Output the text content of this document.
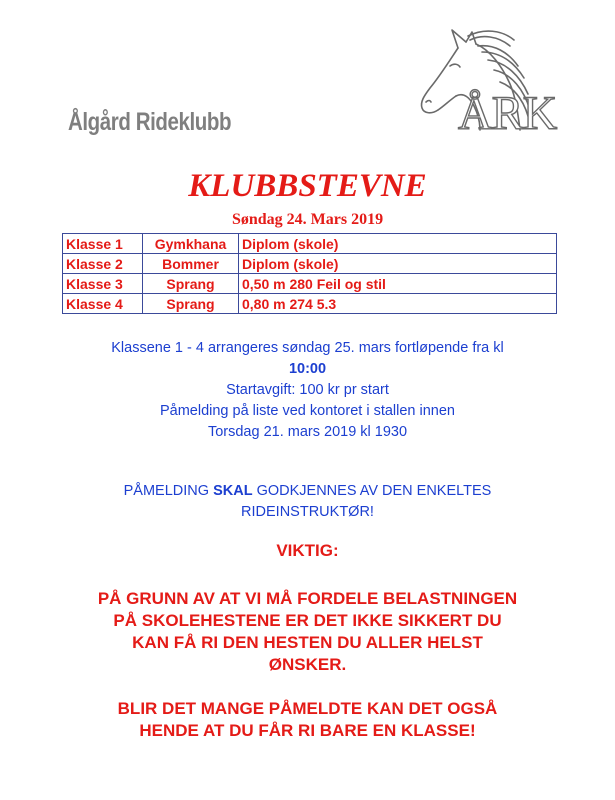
Ålgård Rideklubb	ÅRK
KLUBBSTEVNE
Søndag 24. Mars 2019
Klasse 1	Gymkhana	Diplom (skole)
Klasse 2	Bommer	Diplom (skole)
Klasse 3	Sprang	0,50 m 280 Feil og stil
Klasse 4	Sprang	0,80 m 274 5.3
Klassene 1 - 4 arrangeres søndag 25. mars fortløpende fra kl
10:00
Startavgift: 100 kr pr start
Påmelding på liste ved kontoret i stallen innen
Torsdag 21. mars 2019 kl 1930
PÅMELDING SKAL GODKJENNES AV DEN ENKELTES
RIDEINSTRUKTØR!
VIKTIG:
PÅ GRUNN AV AT VI MÅ FORDELE BELASTNINGEN
PÅ SKOLEHESTENE ER DET IKKE SIKKERT DU
KAN FÅ RI DEN HESTEN DU ALLER HELST
ØNSKER.
BLIR DET MANGE PÅMELDTE KAN DET OGSÅ
HENDE AT DU FÅR RI BARE EN KLASSE!
